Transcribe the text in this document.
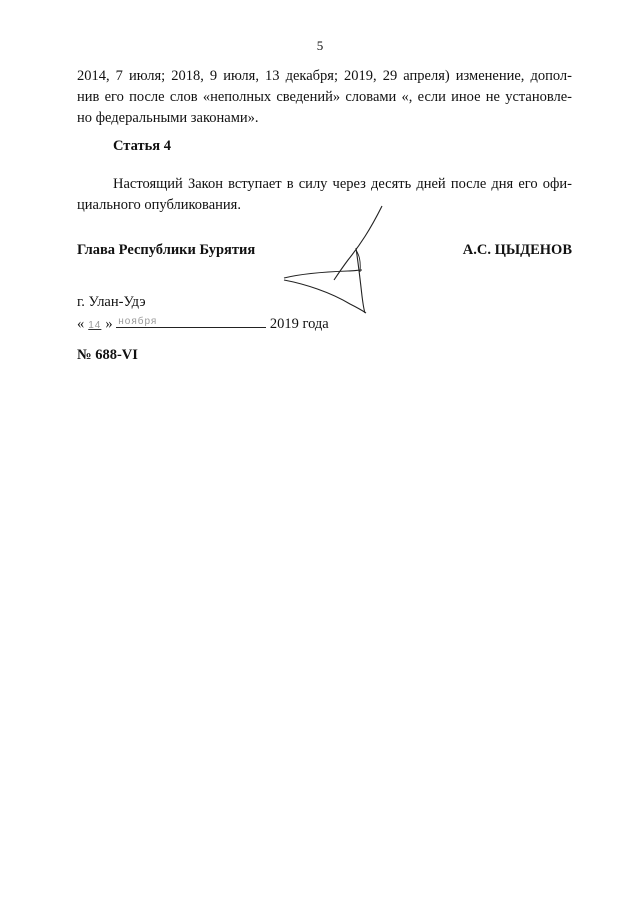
5

2014, 7 июля; 2018, 9 июля, 13 декабря; 2019, 29 апреля) изменение, допол-
нив его после слов «неполных сведений» словами «, если иное не установле-
но федеральными законами».

Статья 4

Настоящий Закон вступает в силу через десять дней после дня его офи-
циального опубликования.

Глава Республики Бурятия	А.С. ЦЫДЕНОВ
г. Улан-Удэ
« 14 » ноября	2019 года
№ 688-VI
